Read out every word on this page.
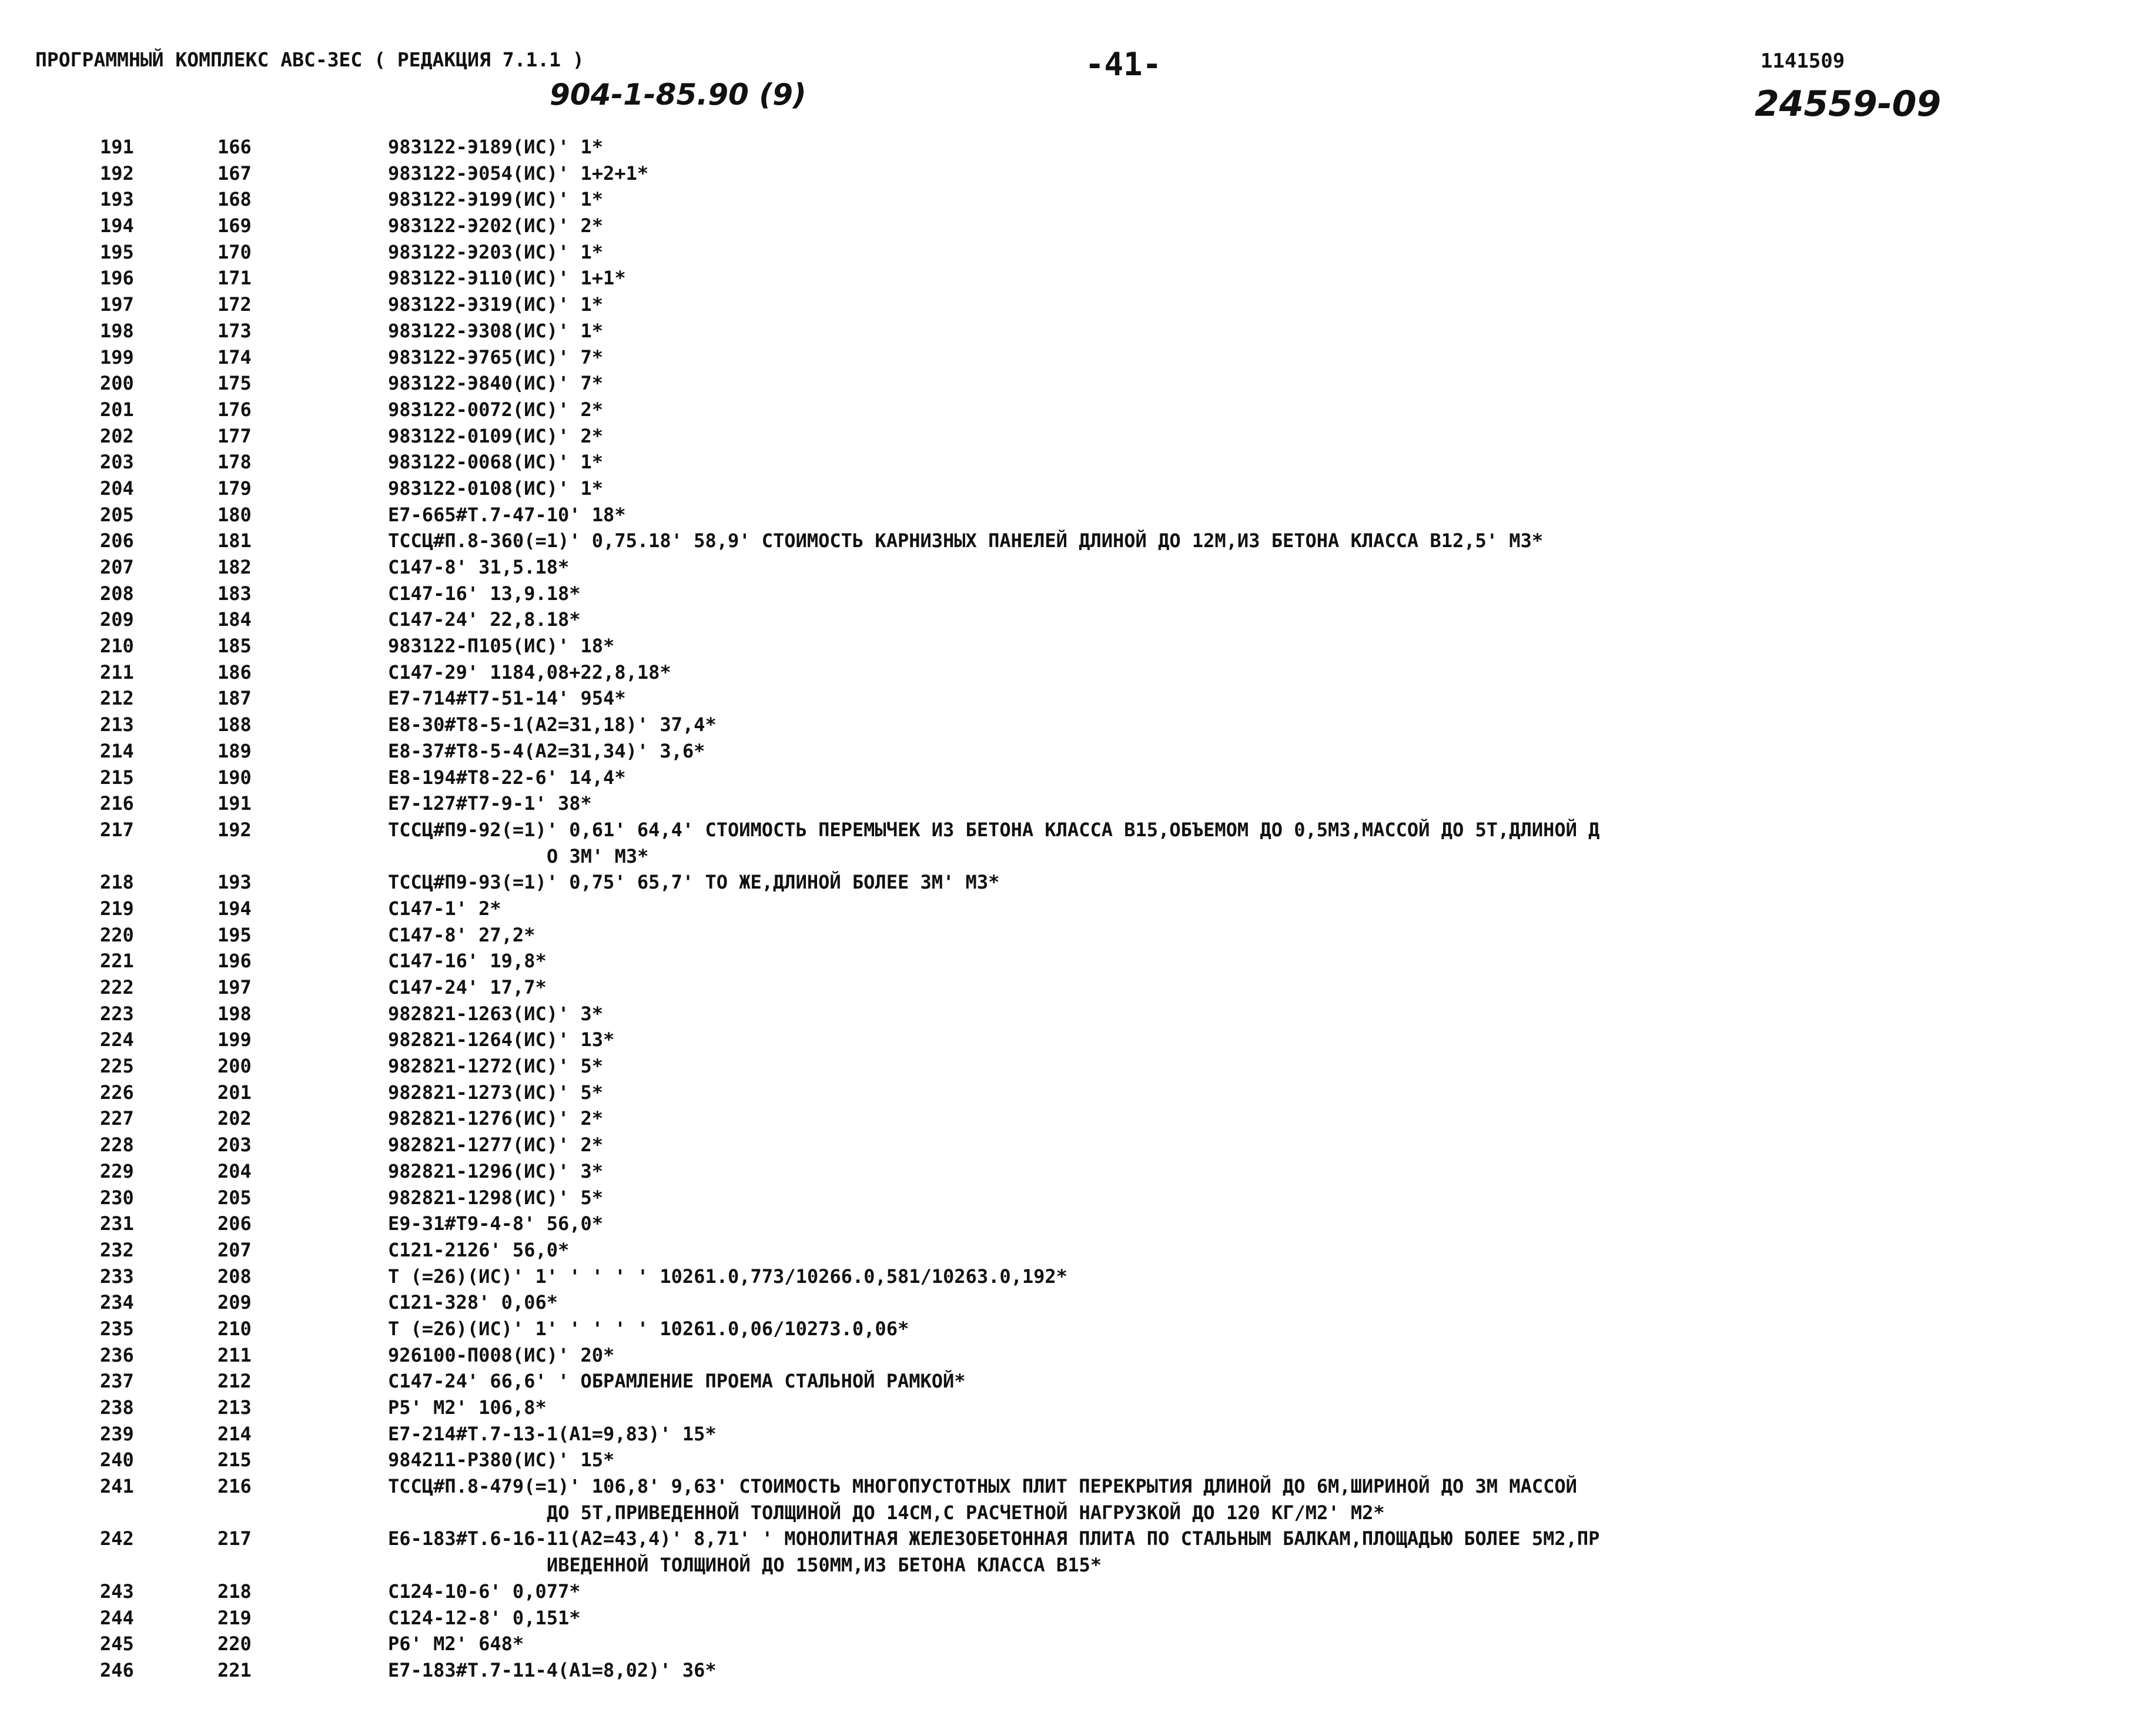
ПРОГРАММНЫЙ КОМПЛЕКС АВС-3ЕС ( РЕДАКЦИЯ 7.1.1 )	-41-	1141509
904-1-85.90 (9)	24559-09
191	166	983122-Э189(ИС)' 1*
192	167	983122-Э054(ИС)' 1+2+1*
193	168	983122-Э199(ИС)' 1*
194	169	983122-Э202(ИС)' 2*
195	170	983122-Э203(ИС)' 1*
196	171	983122-Э110(ИС)' 1+1*
197	172	983122-Э319(ИС)' 1*
198	173	983122-Э308(ИС)' 1*
199	174	983122-Э765(ИС)' 7*
200	175	983122-Э840(ИС)' 7*
201	176	983122-0072(ИС)' 2*
202	177	983122-0109(ИС)' 2*
203	178	983122-0068(ИС)' 1*
204	179	983122-0108(ИС)' 1*
205	180	Е7-665#Т.7-47-10' 18*
206	181	ТССЦ#П.8-360(=1)' 0,75.18' 58,9' СТОИМОСТЬ КАРНИЗНЫХ ПАНЕЛЕЙ ДЛИНОЙ ДО 12М,ИЗ БЕТОНА КЛАССА В12,5' М3*
207	182	С147-8' 31,5.18*
208	183	С147-16' 13,9.18*
209	184	С147-24' 22,8.18*
210	185	983122-П105(ИС)' 18*
211	186	С147-29' 1184,08+22,8,18*
212	187	Е7-714#Т7-51-14' 954*
213	188	Е8-30#Т8-5-1(А2=31,18)' 37,4*
214	189	Е8-37#Т8-5-4(А2=31,34)' 3,6*
215	190	Е8-194#Т8-22-6' 14,4*
216	191	Е7-127#Т7-9-1' 38*
217	192	ТССЦ#П9-92(=1)' 0,61' 64,4' СТОИМОСТЬ ПЕРЕМЫЧЕК ИЗ БЕТОНА КЛАССА В15,ОБЪЕМОМ ДО 0,5М3,МАССОЙ ДО 5Т,ДЛИНОЙ Д
О 3М' М3*
218	193	ТССЦ#П9-93(=1)' 0,75' 65,7' ТО ЖЕ,ДЛИНОЙ БОЛЕЕ 3М' М3*
219	194	С147-1' 2*
220	195	С147-8' 27,2*
221	196	С147-16' 19,8*
222	197	С147-24' 17,7*
223	198	982821-1263(ИС)' 3*
224	199	982821-1264(ИС)' 13*
225	200	982821-1272(ИС)' 5*
226	201	982821-1273(ИС)' 5*
227	202	982821-1276(ИС)' 2*
228	203	982821-1277(ИС)' 2*
229	204	982821-1296(ИС)' 3*
230	205	982821-1298(ИС)' 5*
231	206	Е9-31#Т9-4-8' 56,0*
232	207	С121-2126' 56,0*
233	208	Т (=26)(ИС)' 1' ' ' ' ' 10261.0,773/10266.0,581/10263.0,192*
234	209	С121-328' 0,06*
235	210	Т (=26)(ИС)' 1' ' ' ' ' 10261.0,06/10273.0,06*
236	211	926100-П008(ИС)' 20*
237	212	С147-24' 66,6' ' ОБРАМЛЕНИЕ ПРОЕМА СТАЛЬНОЙ РАМКОЙ*
238	213	Р5' М2' 106,8*
239	214	Е7-214#Т.7-13-1(А1=9,83)' 15*
240	215	984211-Р380(ИС)' 15*
241	216	ТССЦ#П.8-479(=1)' 106,8' 9,63' СТОИМОСТЬ МНОГОПУСТОТНЫХ ПЛИТ ПЕРЕКРЫТИЯ ДЛИНОЙ ДО 6М,ШИРИНОЙ ДО 3М МАССОЙ
ДО 5Т,ПРИВЕДЕННОЙ ТОЛЩИНОЙ ДО 14СМ,С РАСЧЕТНОЙ НАГРУЗКОЙ ДО 120 КГ/М2' М2*
242	217	Е6-183#Т.6-16-11(А2=43,4)' 8,71' ' МОНОЛИТНАЯ ЖЕЛЕЗОБЕТОННАЯ ПЛИТА ПО СТАЛЬНЫМ БАЛКАМ,ПЛОЩАДЬЮ БОЛЕЕ 5М2,ПР
ИВЕДЕННОЙ ТОЛЩИНОЙ ДО 150ММ,ИЗ БЕТОНА КЛАССА В15*
243	218	С124-10-6' 0,077*
244	219	С124-12-8' 0,151*
245	220	Р6' М2' 648*
246	221	Е7-183#Т.7-11-4(А1=8,02)' 36*
